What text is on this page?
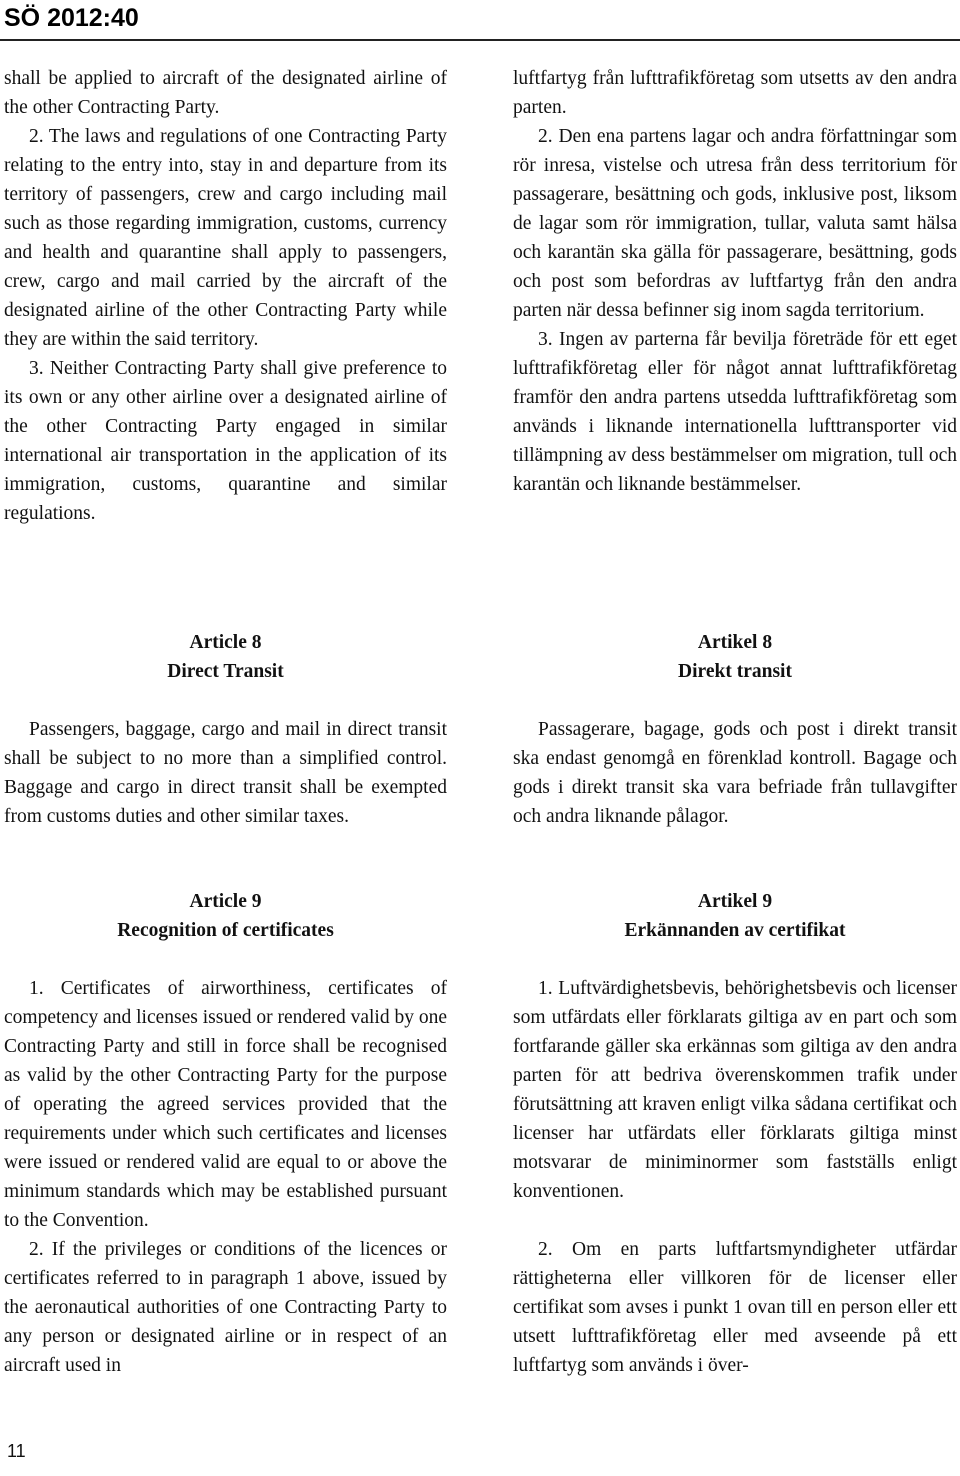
SÖ 2012:40

shall be applied to aircraft of the designated airline of the other Contracting Party.

2. The laws and regulations of one Contracting Party relating to the entry into, stay in and departure from its territory of passengers, crew and cargo including mail such as those regarding immigration, customs, currency and health and quarantine shall apply to passengers, crew, cargo and mail carried by the aircraft of the designated airline of the other Contracting Party while they are within the said territory.

3. Neither Contracting Party shall give preference to its own or any other airline over a designated airline of the other Contracting Party engaged in similar international air transportation in the application of its immigration, customs, quarantine and similar regulations.

Article 8
Direct Transit

Passengers, baggage, cargo and mail in direct transit shall be subject to no more than a simplified control. Baggage and cargo in direct transit shall be exempted from customs duties and other similar taxes.

Article 9
Recognition of certificates

1. Certificates of airworthiness, certificates of competency and licenses issued or rendered valid by one Contracting Party and still in force shall be recognised as valid by the other Contracting Party for the purpose of operating the agreed services provided that the requirements under which such certificates and licenses were issued or rendered valid are equal to or above the minimum standards which may be established pursuant to the Convention.

2. If the privileges or conditions of the licences or certificates referred to in paragraph 1 above, issued by the aeronautical authorities of one Contracting Party to any person or designated airline or in respect of an aircraft used in

luftfartyg från lufttrafikföretag som utsetts av den andra parten.

2. Den ena partens lagar och andra författningar som rör inresa, vistelse och utresa från dess territorium för passagerare, besättning och gods, inklusive post, liksom de lagar som rör immigration, tullar, valuta samt hälsa och karantän ska gälla för passagerare, besättning, gods och post som befordras av luftfartyg från den andra parten när dessa befinner sig inom sagda territorium.

3. Ingen av parterna får bevilja företräde för ett eget lufttrafikföretag eller för något annat lufttrafikföretag framför den andra partens utsedda lufttrafikföretag som används i liknande internationella lufttransporter vid tillämpning av dess bestämmelser om migration, tull och karantän och liknande bestämmelser.

Artikel 8
Direkt transit

Passagerare, bagage, gods och post i direkt transit ska endast genomgå en förenklad kontroll. Bagage och gods i direkt transit ska vara befriade från tullavgifter och andra liknande pålagor.

Artikel 9
Erkännanden av certifikat

1. Luftvärdighetsbevis, behörighetsbevis och licenser som utfärdats eller förklarats giltiga av en part och som fortfarande gäller ska erkännas som giltiga av den andra parten för att bedriva överenskommen trafik under förutsättning att kraven enligt vilka sådana certifikat och licenser har utfärdats eller förklarats giltiga minst motsvarar de miniminormer som fastställs enligt konventionen.

2. Om en parts luftfartsmyndigheter utfärdar rättigheterna eller villkoren för de licenser eller certifikat som avses i punkt 1 ovan till en person eller ett utsett lufttrafikföretag eller med avseende på ett luftfartyg som används i över-

11
